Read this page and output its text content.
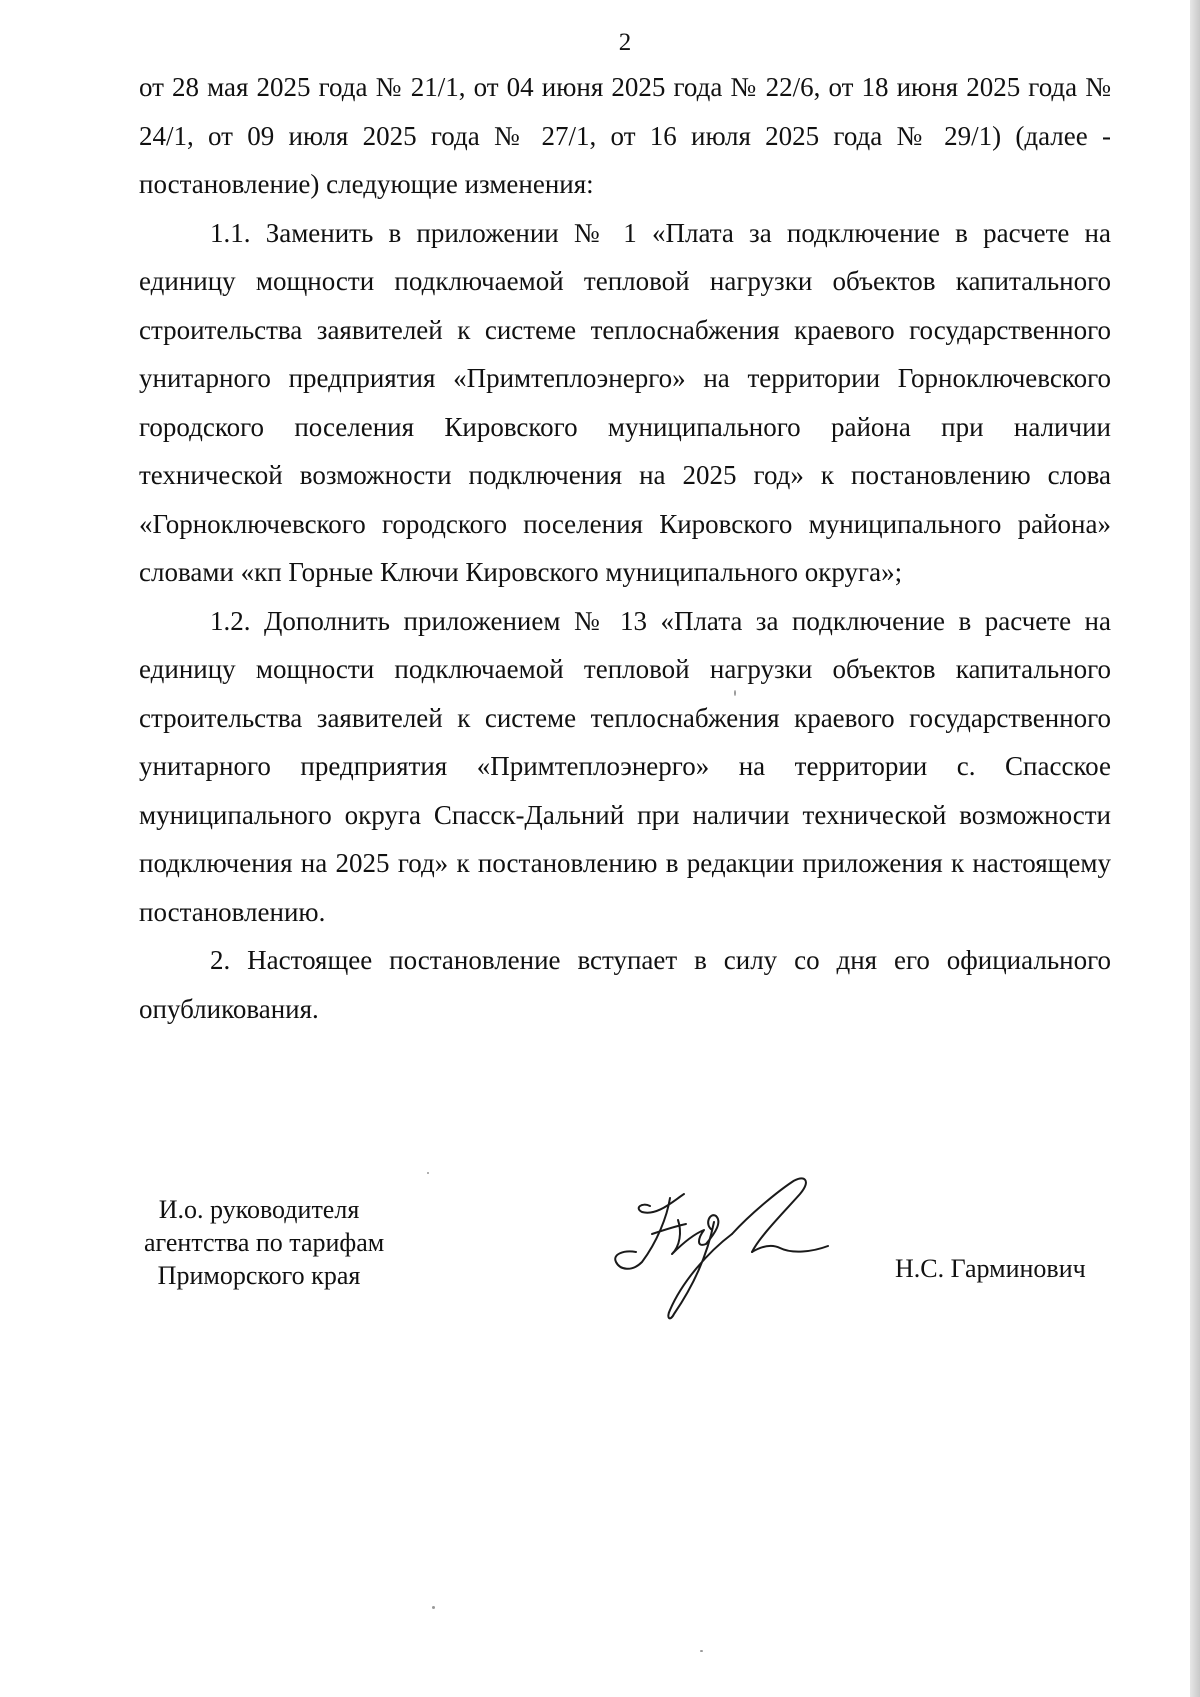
2

от 28 мая 2025 года № 21/1, от 04 июня 2025 года № 22/6, от 18 июня 2025 года № 24/1, от 09 июля 2025 года № 27/1, от 16 июля 2025 года № 29/1) (далее - постановление) следующие изменения:

1.1. Заменить в приложении № 1 «Плата за подключение в расчете на единицу мощности подключаемой тепловой нагрузки объектов капитального строительства заявителей к системе теплоснабжения краевого государственного унитарного предприятия «Примтеплоэнерго» на территории Горноключевского городского поселения Кировского муниципального района при наличии технической возможности подключения на 2025 год» к постановлению слова «Горноключевского городского поселения Кировского муниципального района» словами «кп Горные Ключи Кировского муниципального округа»;

1.2. Дополнить приложением № 13 «Плата за подключение в расчете на единицу мощности подключаемой тепловой нагрузки объектов капитального строительства заявителей к системе теплоснабжения краевого государственного унитарного предприятия «Примтеплоэнерго» на территории с. Спасское муниципального округа Спасск-Дальний при наличии технической возможности подключения на 2025 год» к постановлению в редакции приложения к настоящему постановлению.

2. Настоящее постановление вступает в силу со дня его официального опубликования.

И.о. руководителя
агентства по тарифам
Приморского края	Н.С. Гарминович
